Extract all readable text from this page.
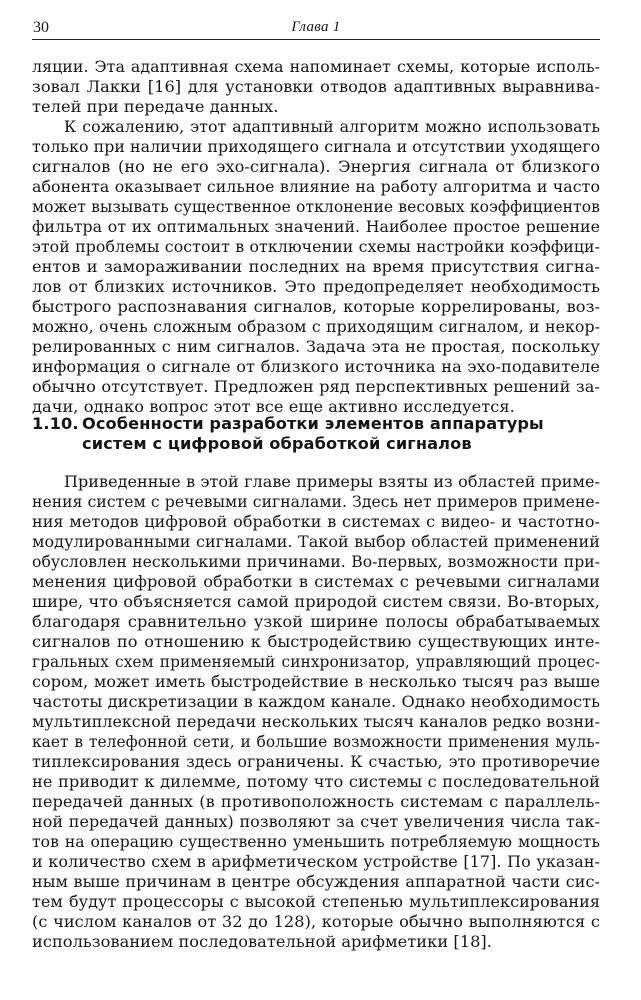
30	Глава 1
ляции. Эта адаптивная схема напоминает схемы, которые исполь-
зовал Лакки [16] для установки отводов адаптивных выравнива-
телей при передаче данных.
К сожалению, этот адаптивный алгоритм можно использовать
только при наличии приходящего сигнала и отсутствии уходящего
сигналов (но не его эхо-сигнала). Энергия сигнала от близкого
абонента оказывает сильное влияние на работу алгоритма и часто
может вызывать существенное отклонение весовых коэффициентов
фильтра от их оптимальных значений. Наиболее простое решение
этой проблемы состоит в отключении схемы настройки коэффици-
ентов и замораживании последних на время присутствия сигна-
лов от близких источников. Это предопределяет необходимость
быстрого распознавания сигналов, которые коррелированы, воз-
можно, очень сложным образом с приходящим сигналом, и некор-
релированных с ним сигналов. Задача эта не простая, поскольку
информация о сигнале от близкого источника на эхо-подавителе
обычно отсутствует. Предложен ряд перспективных решений за-
дачи, однако вопрос этот все еще активно исследуется.
1.10. Особенности разработки элементов аппаратуры
систем с цифровой обработкой сигналов
Приведенные в этой главе примеры взяты из областей приме-
нения систем с речевыми сигналами. Здесь нет примеров примене-
ния методов цифровой обработки в системах с видео- и частотно-
модулированными сигналами. Такой выбор областей применений
обусловлен несколькими причинами. Во-первых, возможности при-
менения цифровой обработки в системах с речевыми сигналами
шире, что объясняется самой природой систем связи. Во-вторых,
благодаря сравнительно узкой ширине полосы обрабатываемых
сигналов по отношению к быстродействию существующих инте-
гральных схем применяемый синхронизатор, управляющий процес-
сором, может иметь быстродействие в несколько тысяч раз выше
частоты дискретизации в каждом канале. Однако необходимость
мультиплексной передачи нескольких тысяч каналов редко возни-
кает в телефонной сети, и большие возможности применения муль-
типлексирования здесь ограничены. К счастью, это противоречие
не приводит к дилемме, потому что системы с последовательной
передачей данных (в противоположность системам с параллель-
ной передачей данных) позволяют за счет увеличения числа так-
тов на операцию существенно уменьшить потребляемую мощность
и количество схем в арифметическом устройстве [17]. По указан-
ным выше причинам в центре обсуждения аппаратной части сис-
тем будут процессоры с высокой степенью мультиплексирования
(с числом каналов от 32 до 128), которые обычно выполняются с
использованием последовательной арифметики [18].
